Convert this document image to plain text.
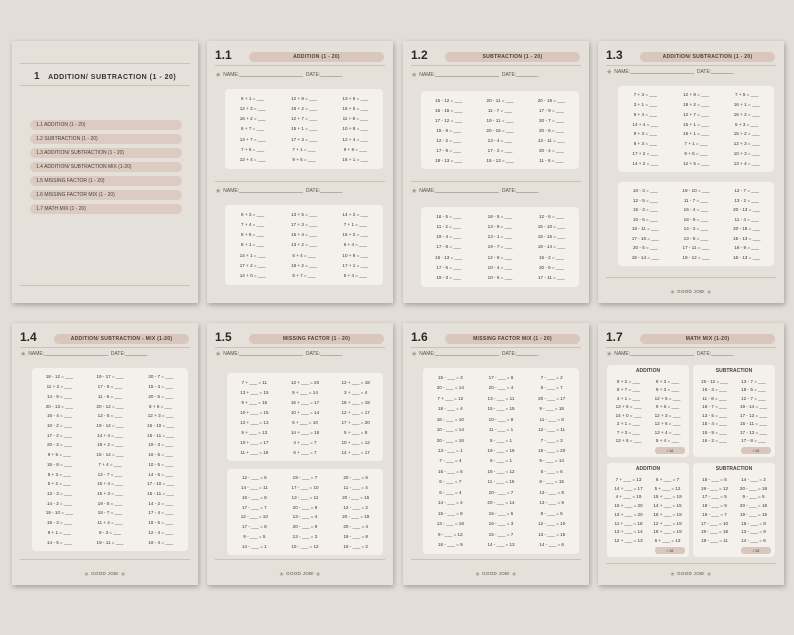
1 ADDITION/ SUBTRACTION (1 - 20)
1.1 ADDITION (1 - 20)
1.2 SUBTRACTION (1 - 20)
1.3 ADDITION/ SUBTRACTION (1 - 20)
1.4 ADDITION/ SUBTRACTION MIX (1-20)
1.5 MISSING FACTOR (1 - 20)
1.6 MISSING FACTOR MIX (1 - 20)
1.7 MATH MIX (1 - 20)
1.1	ADDITION (1 - 20)
★ NAME:_______________________ DATE:________
6 + 1 = ___	12 + 8 = ___	13 + 6 = ___
12 + 3 = ___	18 + 2 = ___	15 + 5 = ___
16 + 2 = ___	12 + 7 = ___	11 + 8 = ___
8 + 7 = ___	15 + 1 = ___	10 + 8 = ___
13 + 7 = ___	17 + 3 = ___	12 + 4 = ___
7 + 5 = ___	7 + 1 = ___	9 + 9 = ___
13 + 4 = ___	9 + 5 = ___	16 + 1 = ___
★ NAME:_______________________ DATE:________
6 + 3 = ___	13 + 5 = ___	14 + 2 = ___
7 + 4 = ___	17 + 3 = ___	7 + 1 = ___
8 + 6 = ___	15 + 4 = ___	15 + 2 = ___
8 + 1 = ___	13 + 2 = ___	6 + 4 = ___
14 + 1 = ___	6 + 4 = ___	10 + 9 = ___
17 + 2 = ___	18 + 2 = ___	17 + 1 = ___
14 + 0 = ___	8 + 7 = ___	5 + 4 = ___
1.2	SUBTRACTION (1 - 20)
★ NAME:_______________________ DATE:________
15 - 12 = ___	20 - 11 = ___	20 - 18 = ___
16 - 15 = ___	11 - 7 = ___	17 - 9 = ___
17 - 12 = ___	19 - 11 = ___	20 - 7 = ___
15 - 9 = ___	20 - 15 = ___	20 - 6 = ___
12 - 2 = ___	13 - 4 = ___	13 - 11 = ___
17 - 9 = ___	17 - 2 = ___	20 - 4 = ___
18 - 13 = ___	15 - 13 = ___	11 - 6 = ___
★ NAME:_______________________ DATE:________
16 - 5 = ___	18 - 5 = ___	12 - 6 = ___
11 - 2 = ___	13 - 9 = ___	15 - 10 = ___
19 - 4 = ___	13 - 1 = ___	19 - 16 = ___
17 - 8 = ___	19 - 7 = ___	19 - 14 = ___
16 - 13 = ___	12 - 9 = ___	16 - 2 = ___
17 - 6 = ___	10 - 4 = ___	20 - 6 = ___
19 - 3 = ___	10 - 5 = ___	17 - 11 = ___
1.3	ADDITION/ SUBTRACTION (1 - 20)
★ NAME:_______________________ DATE:________
7 + 3 = ___	12 + 8 = ___	7 + 5 = ___
3 + 1 = ___	18 + 2 = ___	16 + 1 = ___
9 + 4 = ___	12 + 7 = ___	16 + 2 = ___
14 + 4 = ___	15 + 1 = ___	5 + 3 = ___
9 + 3 = ___	16 + 1 = ___	15 + 2 = ___
8 + 3 = ___	7 + 1 = ___	12 + 3 = ___
17 + 2 = ___	9 + 5 = ___	10 + 3 = ___
14 + 2 = ___	12 + 5 = ___	13 + 4 = ___
10 - 3 = ___	19 - 10 = ___	12 - 7 = ___
12 - 5 = ___	11 - 7 = ___	13 - 2 = ___
15 - 3 = ___	16 - 4 = ___	20 - 13 = ___
10 - 6 = ___	18 - 6 = ___	11 - 4 = ___
16 - 11 = ___	14 - 2 = ___	20 - 18 = ___
17 - 16 = ___	13 - 8 = ___	15 - 13 = ___
20 - 5 = ___	17 - 11 = ___	16 - 9 = ___
18 - 14 = ___	19 - 12 = ___	16 - 13 = ___
★ GOOD JOB! ★
1.4	ADDITION/ SUBTRACTION - MIX (1-20)
★ NAME:_______________________ DATE:________
18 - 12 = ___	19 - 17 = ___	20 - 7 = ___
11 + 2 = ___	17 - 9 = ___	15 - 3 = ___
14 - 9 = ___	11 - 6 = ___	20 - 5 = ___
20 - 13 = ___	20 - 12 = ___	8 + 6 = ___
16 - 4 = ___	12 - 5 = ___	12 + 3 = ___
10 - 2 = ___	19 - 14 = ___	16 - 10 = ___
17 - 2 = ___	14 + 4 = ___	15 - 11 = ___
20 - 3 = ___	19 + 2 = ___	19 - 3 = ___
9 + 5 = ___	15 - 14 = ___	16 - 5 = ___
15 - 8 = ___	7 + 4 = ___	10 - 5 = ___
8 + 3 = ___	12 - 7 = ___	14 - 5 = ___
5 + 2 = ___	16 + 4 = ___	17 - 10 = ___
13 - 3 = ___	15 + 3 = ___	15 - 11 = ___
14 - 2 = ___	19 - 5 = ___	14 - 2 = ___
19 - 10 = ___	18 - 7 = ___	17 - 4 = ___
19 - 3 = ___	11 + 4 = ___	18 - 5 = ___
9 + 1 = ___	9 - 3 = ___	12 - 4 = ___
14 - 5 = ___	19 - 11 = ___	19 - 4 = ___
★ GOOD JOB! ★
1.5	MISSING FACTOR (1 - 20)
★ NAME:_______________________ DATE:________
7 + ___ = 11	13 + ___ = 20	12 + ___ = 18
13 + ___ = 15	9 + ___ = 14	3 + ___ = 4
9 + ___ = 15	16 + ___ = 17	18 + ___ = 19
10 + ___ = 15	10 + ___ = 14	12 + ___ = 17
12 + ___ = 13	6 + ___ = 10	17 + ___ = 20
9 + ___ = 13	14 + ___ = 16	5 + ___ = 8
10 + ___ = 17	4 + ___ = 7	10 + ___ = 12
11 + ___ = 19	6 + ___ = 7	14 + ___ = 17
12 - ___ = 5	19 - ___ = 7	20 - ___ = 6
14 - ___ = 11	17 - ___ = 10	11 - ___ = 4
16 - ___ = 8	13 - ___ = 11	20 - ___ = 15
17 - ___ = 7	20 - ___ = 9	12 - ___ = 2
12 - ___ = 10	13 - ___ = 4	20 - ___ = 18
17 - ___ = 8	20 - ___ = 9	20 - ___ = 4
9 - ___ = 5	13 - ___ = 3	19 - ___ = 8
14 - ___ = 1	15 - ___ = 12	16 - ___ = 2
★ GOOD JOB! ★
1.6	MISSING FACTOR MIX (1 - 20)
★ NAME:_______________________ DATE:________
15 - ___ = 3	17 - ___ = 6	7 - ___ = 2
20 - ___ = 14	20 - ___ = 4	6 - ___ = 7
7 + ___ = 12	13 - ___ = 11	20 - ___ = 17
18 - ___ = 4	15 - ___ = 15	9 - ___ = 18
16 - ___ = 10	10 - ___ = 8	11 - ___ = 8
10 - ___ = 14	11 - ___ = 1	12 - ___ = 11
20 - ___ = 16	5 - ___ = 1	7 - ___ = 3
13 - ___ = 1	19 - ___ = 16	19 - ___ = 20
7 - ___ = 4	6 - ___ = 1	9 - ___ = 14
15 - ___ = 5	18 - ___ = 12	6 - ___ = 6
6 - ___ = 7	11 - ___ = 16	8 - ___ = 15
6 - ___ = 4	20 - ___ = 7	13 - ___ = 8
14 - ___ = 4	20 - ___ = 14	13 - ___ = 9
15 - ___ = 8	15 - ___ = 5	8 - ___ = 5
13 - ___ = 18	16 - ___ = 3	12 - ___ = 10
9 - ___ = 12	15 - ___ = 7	13 - ___ = 15
16 - ___ = 9	14 - ___ = 13	14 - ___ = 6
★ GOOD JOB! ★
1.7	MATH MIX (1-20)
★ NAME:_______________________ DATE:________
ADDITION
9 + 2 = ___	8 + 3 = ___
8 + 7 = ___	9 + 3 = ___
4 + 1 = ___	12 + 5 = ___
13 + 5 = ___	9 + 6 = ___
14 + 0 = ___	12 + 3 = ___
2 + 1 = ___	12 + 6 = ___
7 + 3 = ___	13 + 4 = ___
13 + 6 = ___	5 + 4 = ___
/ 16
SUBTRACTION
19 - 12 = ___	13 - 7 = ___
16 - 3 = ___	18 - 5 = ___
11 - 8 = ___	12 - 7 = ___
16 - 7 = ___	19 - 14 = ___
13 - 5 = ___	17 - 13 = ___
15 - 4 = ___	15 - 11 = ___
15 - 9 = ___	17 - 13 = ___
16 - 2 = ___	17 - 8 = ___
/ 16
ADDITION
7 + ___ = 13	6 + ___ = 7
14 + ___ = 17	5 + ___ = 12
4 + ___ = 19	15 + ___ = 19
15 + ___ = 20 14 + ___ = 15
13 + ___ = 20 16 + ___ = 19
11 + ___ = 18 12 + ___ = 19
13 + ___ = 14 18 + ___ = 19
12 + ___ = 13	6 + ___ = 13
/ 16
SUBTRACTION
15 - ___ = 5	14 - ___ = 2
19 - ___ = 12	20 - ___ = 19
17 - ___ = 5	9 - ___ = 5
18 - ___ = 9	20 - ___ = 18
15 - ___ = 7	19 - ___ = 15
17 - ___ = 10	15 - ___ = 8
19 - ___ = 18	13 - ___ = 9
19 - ___ = 11	14 - ___ = 6
/ 16
★ GOOD JOB! ★
